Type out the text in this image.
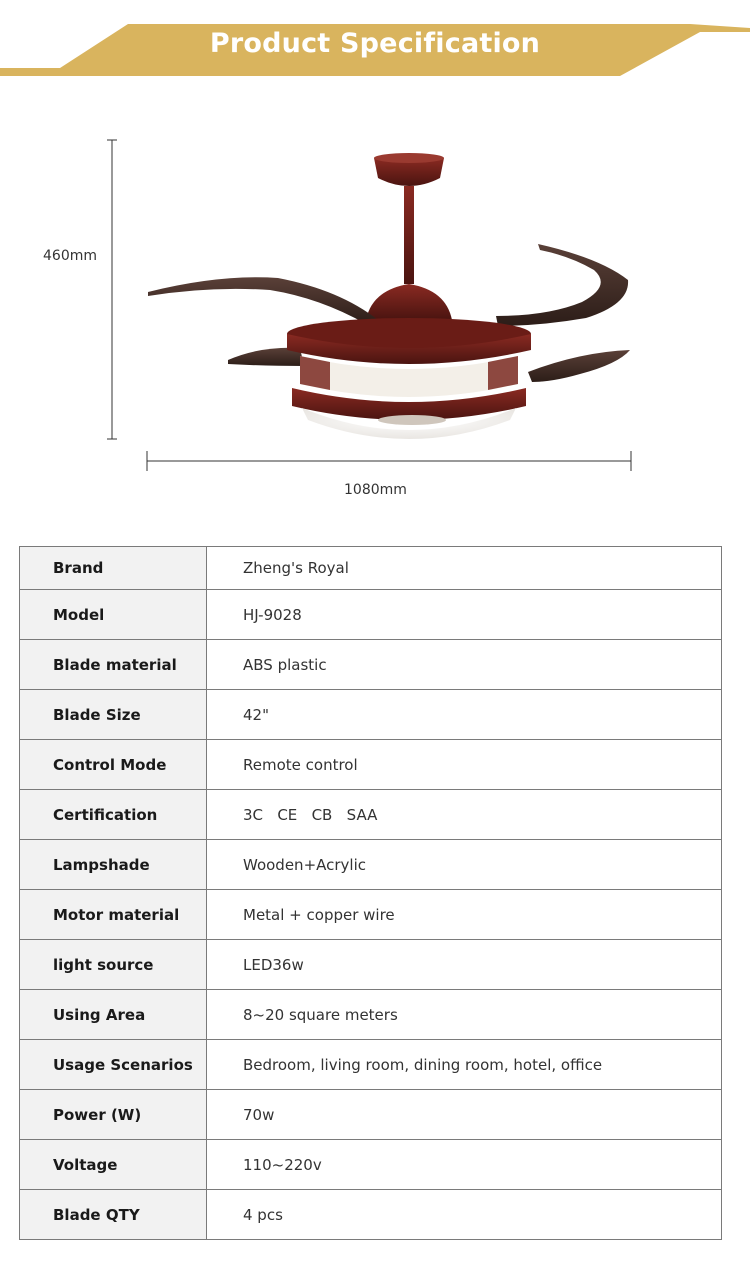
Product Specification
460mm
1080mm
Brand	Zheng's Royal
Model	HJ-9028
Blade material	ABS plastic
Blade Size	42"
Control Mode	Remote control
Certification	3C   CE   CB   SAA
Lampshade	Wooden+Acrylic
Motor material	Metal + copper wire
light source	LED36w
Using Area	8~20 square meters
Usage Scenarios	Bedroom, living room, dining room, hotel, office
Power (W)	70w
Voltage	110~220v
Blade QTY	4 pcs
